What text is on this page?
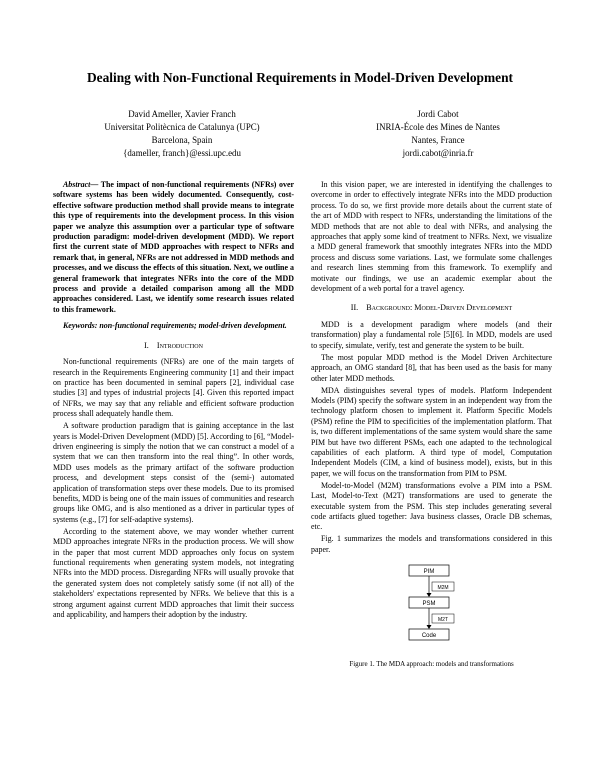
Dealing with Non-Functional Requirements in Model-Driven Development
David Ameller, Xavier Franch
Universitat Politècnica de Catalunya (UPC)
Barcelona, Spain
{dameller, franch}@essi.upc.edu
Jordi Cabot
INRIA-École des Mines de Nantes
Nantes, France
jordi.cabot@inria.fr

Abstract— The impact of non-functional requirements (NFRs) over software systems has been widely documented. Consequently, cost-effective software production method shall provide means to integrate this type of requirements into the development process. In this vision paper we analyze this assumption over a particular type of software production paradigm: model-driven development (MDD). We report first the current state of MDD approaches with respect to NFRs and remark that, in general, NFRs are not addressed in MDD methods and processes, and we discuss the effects of this situation. Next, we outline a general framework that integrates NFRs into the core of the MDD process and provide a detailed comparison among all the MDD approaches considered. Last, we identify some research issues related to this framework.

Keywords: non-functional requirements; model-driven development.

I. Introduction

Non-functional requirements (NFRs) are one of the main targets of research in the Requirements Engineering community [1] and their impact on practice has been documented in seminal papers [2], individual case studies [3] and types of industrial projects [4]. Given this reported impact of NFRs, we may say that any reliable and efficient software production process shall adequately handle them.

A software production paradigm that is gaining acceptance in the last years is Model-Driven Development (MDD) [5]. According to [6], “Model-driven engineering is simply the notion that we can construct a model of a system that we can then transform into the real thing”. In other words, MDD uses models as the primary artifact of the software production process, and development steps consist of the (semi-) automated application of transformation steps over these models. Due to its promised benefits, MDD is being one of the main issues of communities and research groups like OMG, and is also mentioned as a driver in particular types of systems (e.g., [7] for self-adaptive systems).

According to the statement above, we may wonder whether current MDD approaches integrate NFRs in the production process. We will show in the paper that most current MDD approaches only focus on system functional requirements when generating system models, not integrating NFRs into the MDD process. Disregarding NFRs will usually provoke that the generated system does not completely satisfy some (if not all) of the stakeholders' expectations represented by NFRs. We believe that this is a strong argument against current MDD approaches that limit their success and applicability, and hampers their adoption by the industry.

In this vision paper, we are interested in identifying the challenges to overcome in order to effectively integrate NFRs into the MDD production process. To do so, we first provide more details about the current state of the art of MDD with respect to NFRs, understanding the limitations of the MDD methods that are not able to deal with NFRs, and analysing the approaches that apply some kind of treatment to NFRs. Next, we visualize a MDD general framework that smoothly integrates NFRs into the MDD process and discuss some variations. Last, we formulate some challenges and research lines stemming from this framework. To exemplify and motivate our findings, we use an academic exemplar about the development of a web portal for a travel agency.

II. Background: Model-Driven Development

MDD is a development paradigm where models (and their transformation) play a fundamental role [5][6]. In MDD, models are used to specify, simulate, verify, test and generate the system to be built.

The most popular MDD method is the Model Driven Architecture approach, an OMG standard [8], that has been used as the basis for many other later MDD methods.

MDA distinguishes several types of models. Platform Independent Models (PIM) specify the software system in an independent way from the technology platform chosen to implement it. Platform Specific Models (PSM) refine the PIM to specificities of the implementation platform. That is, two different implementations of the same system would share the same PIM but have two different PSMs, each one adapted to the technological capabilities of each platform. A third type of model, Computation Independent Models (CIM, a kind of business model), exists, but in this paper, we will focus on the transformation from PIM to PSM.

Model-to-Model (M2M) transformations evolve a PIM into a PSM. Last, Model-to-Text (M2T) transformations are used to generate the executable system from the PSM. This step includes generating several code artifacts glued together: Java business classes, Oracle DB schemas, etc.

Fig. 1 summarizes the models and transformations considered in this paper.

PIM
M2M
PSM
M2T
Code

Figure 1. The MDA approach: models and transformations
